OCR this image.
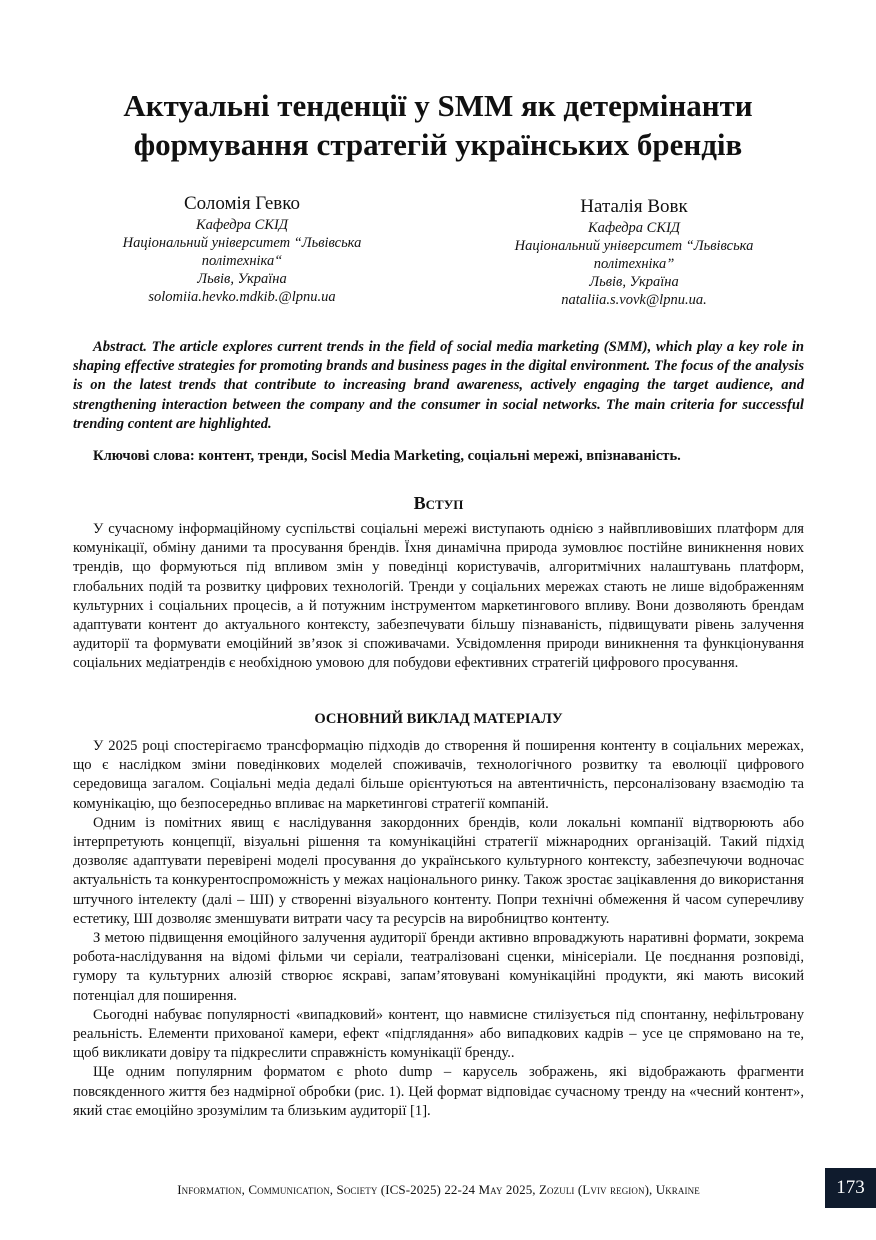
Актуальні тенденції у SMM як детермінанти формування стратегій українських брендів
Соломія Гевко
Кафедра СКІД
Національний університет “Львівська політехніка“
Львів, Україна
solomiia.hevko.mdkib.@lpnu.ua
Наталія Вовк
Кафедра СКІД
Національний університет “Львівська політехніка”
Львів, Україна
nataliia.s.vovk@lpnu.ua.

Abstract. The article explores current trends in the field of social media marketing (SMM), which play a key role in shaping effective strategies for promoting brands and business pages in the digital environment. The focus of the analysis is on the latest trends that contribute to increasing brand awareness, actively engaging the target audience, and strengthening interaction between the company and the consumer in social networks. The main criteria for successful trending content are highlighted.

Ключові слова: контент, тренди, Socisl Media Marketing, соціальні мережі, впізнаваність.

Вступ

У сучасному інформаційному суспільстві соціальні мережі виступають однією з найвпливовіших платформ для комунікації, обміну даними та просування брендів. Їхня динамічна природа зумовлює постійне виникнення нових трендів, що формуються під впливом змін у поведінці користувачів, алгоритмічних налаштувань платформ, глобальних подій та розвитку цифрових технологій. Тренди у соціальних мережах стають не лише відображенням культурних і соціальних процесів, а й потужним інструментом маркетингового впливу. Вони дозволяють брендам адаптувати контент до актуального контексту, забезпечувати більшу пізнаваність, підвищувати рівень залучення аудиторії та формувати емоційний зв’язок зі споживачами. Усвідомлення природи виникнення та функціонування соціальних медіатрендів є необхідною умовою для побудови ефективних стратегій цифрового просування.

ОСНОВНИЙ ВИКЛАД МАТЕРІАЛУ

У 2025 році спостерігаємо трансформацію підходів до створення й поширення контенту в соціальних мережах, що є наслідком зміни поведінкових моделей споживачів, технологічного розвитку та еволюції цифрового середовища загалом. Соціальні медіа дедалі більше орієнтуються на автентичність, персоналізовану взаємодію та комунікацію, що безпосередньо впливає на маркетингові стратегії компаній.

Одним із помітних явищ є наслідування закордонних брендів, коли локальні компанії відтворюють або інтерпретують концепції, візуальні рішення та комунікаційні стратегії міжнародних організацій. Такий підхід дозволяє адаптувати перевірені моделі просування до українського культурного контексту, забезпечуючи водночас актуальність та конкурентоспроможність у межах національного ринку. Також зростає зацікавлення до використання штучного інтелекту (далі – ШІ) у створенні візуального контенту. Попри технічні обмеження й часом суперечливу естетику, ШІ дозволяє зменшувати витрати часу та ресурсів на виробництво контенту.

З метою підвищення емоційного залучення аудиторії бренди активно впроваджують наративні формати, зокрема робота-наслідування на відомі фільми чи серіали, театралізовані сценки, мінісеріали. Це поєднання розповіді, гумору та культурних алюзій створює яскраві, запам’ятовувані комунікаційні продукти, які мають високий потенціал для поширення.

Сьогодні набуває популярності «випадковий» контент, що навмисне стилізується під спонтанну, нефільтровану реальність. Елементи прихованої камери, ефект «підглядання» або випадкових кадрів – усе це спрямовано на те, щоб викликати довіру та підкреслити справжність комунікації бренду..

Ще одним популярним форматом є photo dump – карусель зображень, які відображають фрагменти повсякденного життя без надмірної обробки (рис. 1). Цей формат відповідає сучасному тренду на «чесний контент», який стає емоційно зрозумілим та близьким аудиторії [1].

Information, Communication, Society (ICS-2025) 22-24 May 2025, Zozuli (Lviv region), Ukraine	173
